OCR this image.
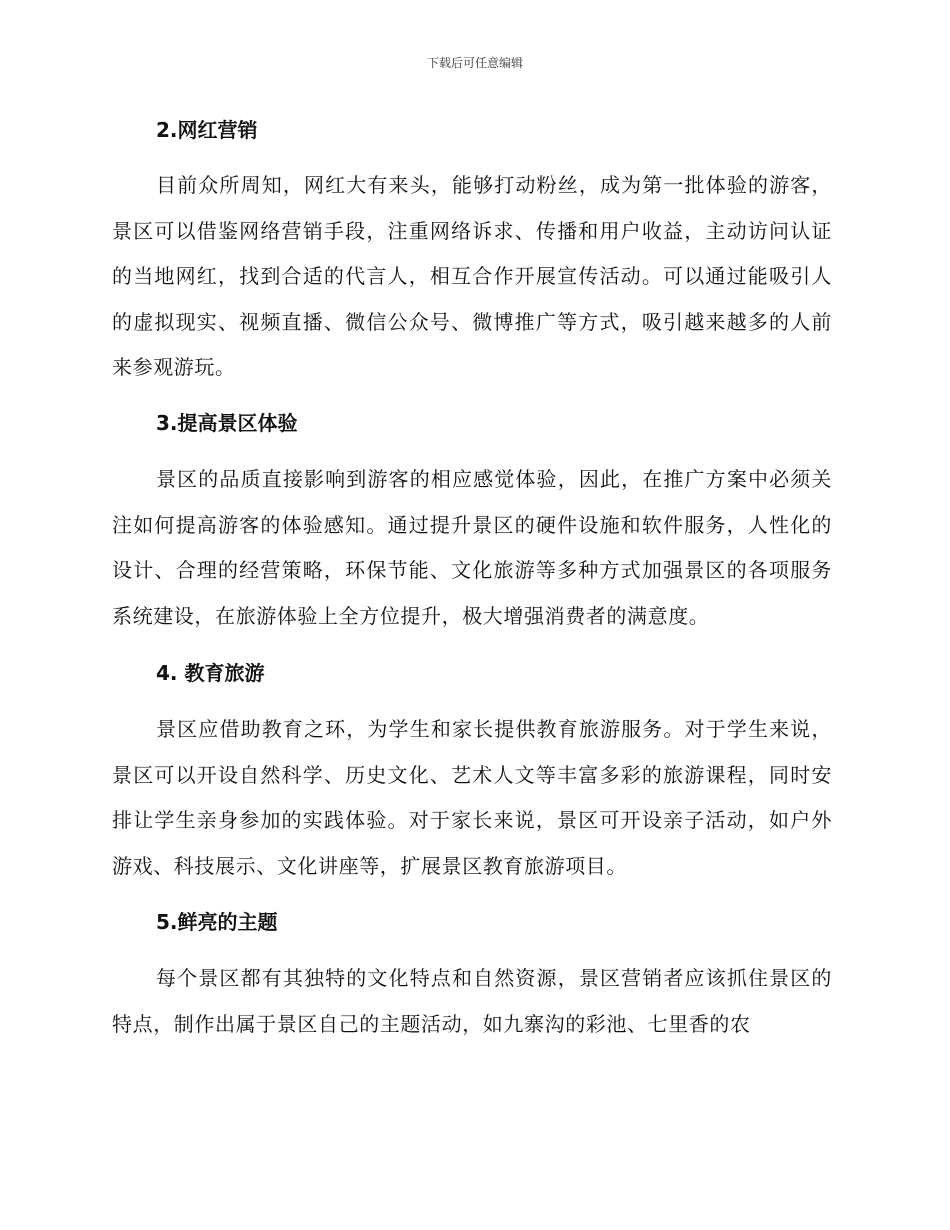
下载后可任意编辑
2.网红营销
目前众所周知，网红大有来头，能够打动粉丝，成为第一批体验的游客，景区可以借鉴网络营销手段，注重网络诉求、传播和用户收益，主动访问认证的当地网红，找到合适的代言人，相互合作开展宣传活动。可以通过能吸引人的虚拟现实、视频直播、微信公众号、微博推广等方式，吸引越来越多的人前来参观游玩。
3.提高景区体验
景区的品质直接影响到游客的相应感觉体验，因此，在推广方案中必须关注如何提高游客的体验感知。通过提升景区的硬件设施和软件服务，人性化的设计、合理的经营策略，环保节能、文化旅游等多种方式加强景区的各项服务系统建设，在旅游体验上全方位提升，极大增强消费者的满意度。
4. 教育旅游
景区应借助教育之环，为学生和家长提供教育旅游服务。对于学生来说，景区可以开设自然科学、历史文化、艺术人文等丰富多彩的旅游课程，同时安排让学生亲身参加的实践体验。对于家长来说，景区可开设亲子活动，如户外游戏、科技展示、文化讲座等，扩展景区教育旅游项目。
5.鲜亮的主题
每个景区都有其独特的文化特点和自然资源，景区营销者应该抓住景区的特点，制作出属于景区自己的主题活动，如九寨沟的彩池、七里香的农
